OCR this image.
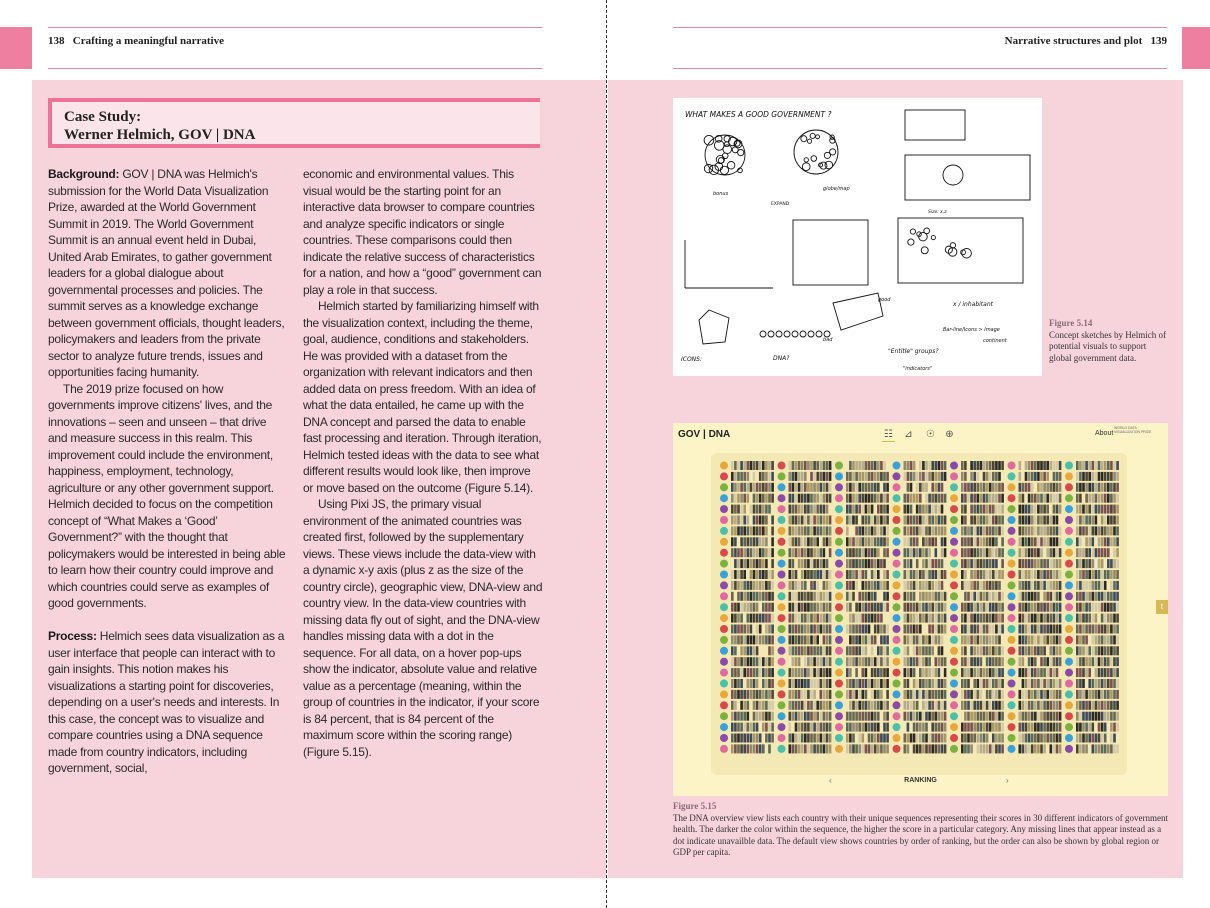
138   Crafting a meaningful narrative
Case Study:
Werner Helmich, GOV | DNA

Background: GOV | DNA was Helmich's submission for the World Data Visualization Prize, awarded at the World Government Summit in 2019. The World Government Summit is an annual event held in Dubai, United Arab Emirates, to gather government leaders for a global dialogue about governmental processes and policies. The summit serves as a knowledge exchange between government officials, thought leaders, policymakers and leaders from the private sector to analyze future trends, issues and opportunities facing humanity.

The 2019 prize focused on how governments improve citizens' lives, and the innovations – seen and unseen – that drive and measure success in this realm. This improvement could include the environment, happiness, employment, technology, agriculture or any other government support. Helmich decided to focus on the competition concept of “What Makes a ‘Good’ Government?” with the thought that policymakers would be interested in being able to learn how their country could improve and which countries could serve as examples of good governments.

Process: Helmich sees data visualization as a user interface that people can interact with to gain insights. This notion makes his visualizations a starting point for discoveries, depending on a user's needs and interests. In this case, the concept was to visualize and compare countries using a DNA sequence made from country indicators, including government, social,

economic and environmental values. This visual would be the starting point for an interactive data browser to compare countries and analyze specific indicators or single countries. These comparisons could then indicate the relative success of characteristics for a nation, and how a “good” government can play a role in that success.

Helmich started by familiarizing himself with the visualization context, including the theme, goal, audience, conditions and stakeholders. He was provided with a dataset from the organization with relevant indicators and then added data on press freedom. With an idea of what the data entailed, he came up with the DNA concept and parsed the data to enable fast processing and iteration. Through iteration, Helmich tested ideas with the data to see what different results would look like, then improve or move based on the outcome (Figure 5.14).

Using Pixi JS, the primary visual environment of the animated countries was created first, followed by the supplementary views. These views include the data-view with a dynamic x-y axis (plus z as the size of the country circle), geographic view, DNA-view and country view. In the data-view countries with missing data fly out of sight, and the DNA-view handles missing data with a dot in the sequence. For all data, on a hover pop-ups show the indicator, absolute value and relative value as a percentage (meaning, within the group of countries in the indicator, if your score is 84 percent, that is 84 percent of the maximum score within the scoring range) (Figure 5.15).

Narrative structures and plot   139
WHAT MAKES A GOOD GOVERNMENT ?
bonus
globe/map
EXPAND
ICONS:	DNA?
bad
good
x / inhabitant
Bar-line/Icons > Image
continent
"Entitle" groups?
Size: x,z
"indicators"
Figure 5.14
Concept sketches by Helmich of potential visuals to support global government data.
GOV | DNA	☷ ⊿ ☉ ⊕	About
WORLD DATA VISUALIZATION PRIZE
‹	RANKING	›
t
Figure 5.15
The DNA overview view lists each country with their unique sequences representing their scores in 30 different indicators of government health. The darker the color within the sequence, the higher the score in a particular category. Any missing lines that appear instead as a dot indicate unavailble data. The default view shows countries by order of ranking, but the order can also be shown by global region or GDP per capita.
